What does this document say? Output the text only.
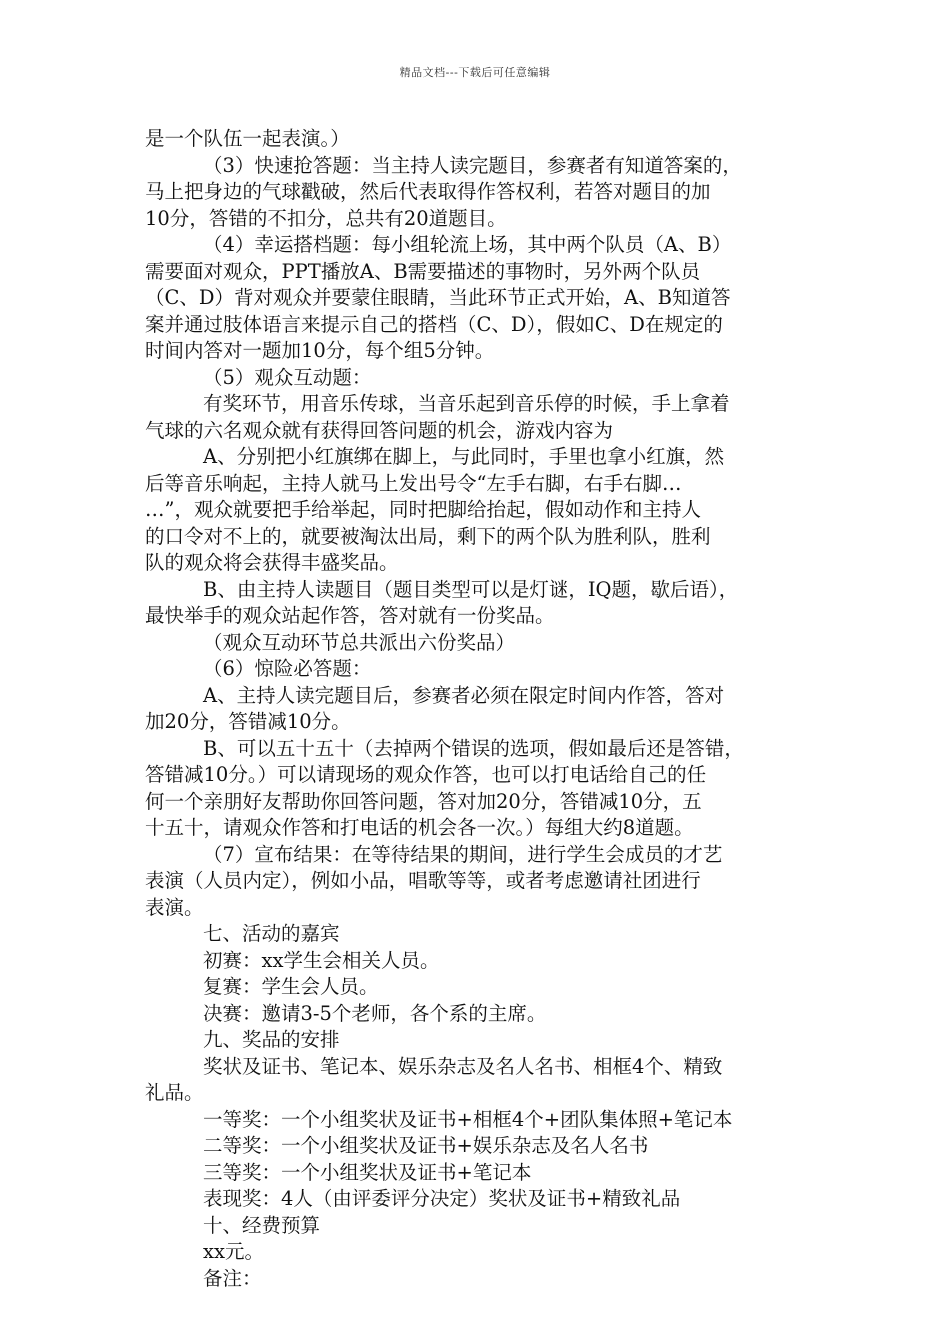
精品文档---下载后可任意编辑
是一个队伍一起表演。）
（3）快速抢答题：当主持人读完题目，参赛者有知道答案的，
马上把身边的气球戳破，然后代表取得作答权利，若答对题目的加
10分，答错的不扣分，总共有20道题目。
（4）幸运搭档题：每小组轮流上场，其中两个队员（A、B）
需要面对观众，PPT播放A、B需要描述的事物时，另外两个队员
（C、D）背对观众并要蒙住眼睛，当此环节正式开始，A、B知道答
案并通过肢体语言来提示自己的搭档（C、D），假如C、D在规定的
时间内答对一题加10分，每个组5分钟。
（5）观众互动题：
有奖环节，用音乐传球，当音乐起到音乐停的时候，手上拿着
气球的六名观众就有获得回答问题的机会，游戏内容为
A、分别把小红旗绑在脚上，与此同时，手里也拿小红旗，然
后等音乐响起，主持人就马上发出号令“左手右脚，右手右脚…
…”，观众就要把手给举起，同时把脚给抬起，假如动作和主持人
的口令对不上的，就要被淘汰出局，剩下的两个队为胜利队，胜利
队的观众将会获得丰盛奖品。
B、由主持人读题目（题目类型可以是灯谜，IQ题，歇后语），
最快举手的观众站起作答，答对就有一份奖品。
（观众互动环节总共派出六份奖品）
（6）惊险必答题：
A、主持人读完题目后，参赛者必须在限定时间内作答，答对
加20分，答错减10分。
B、可以五十五十（去掉两个错误的选项，假如最后还是答错，
答错减10分。）可以请现场的观众作答，也可以打电话给自己的任
何一个亲朋好友帮助你回答问题，答对加20分，答错减10分，五
十五十，请观众作答和打电话的机会各一次。）每组大约8道题。
（7）宣布结果：在等待结果的期间，进行学生会成员的才艺
表演（人员内定），例如小品，唱歌等等，或者考虑邀请社团进行
表演。
七、活动的嘉宾
初赛：xx学生会相关人员。
复赛：学生会人员。
决赛：邀请3-5个老师，各个系的主席。
九、奖品的安排
奖状及证书、笔记本、娱乐杂志及名人名书、相框4个、精致
礼品。
一等奖：一个小组奖状及证书+相框4个+团队集体照+笔记本
二等奖：一个小组奖状及证书+娱乐杂志及名人名书
三等奖：一个小组奖状及证书+笔记本
表现奖：4人（由评委评分决定）奖状及证书+精致礼品
十、经费预算
xx元。
备注：
